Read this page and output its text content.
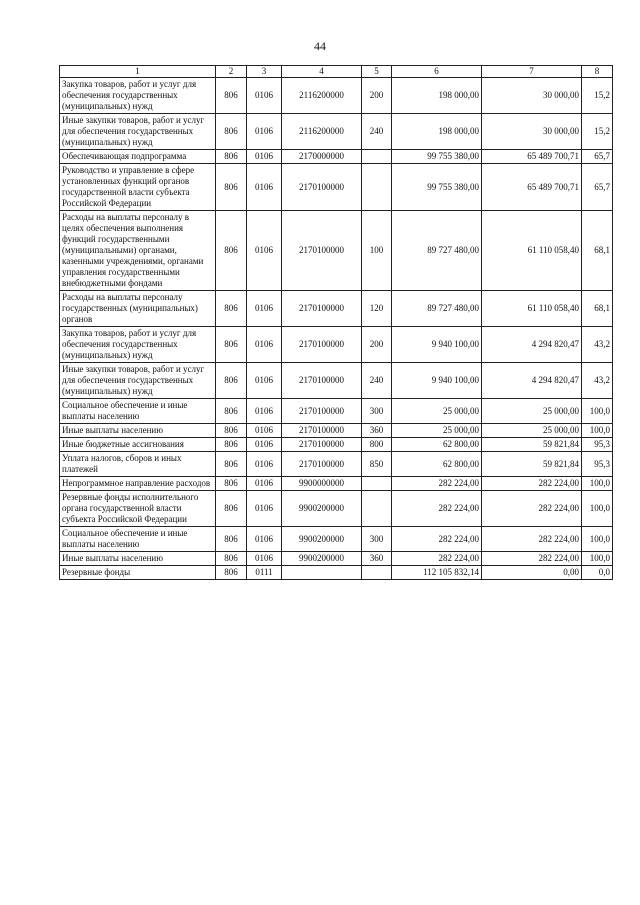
44
1	2	3	4	5	6	7	8
Закупка товаров, работ и услуг для обеспечения государственных (муниципальных) нужд	806	0106	2116200000	200	198 000,00	30 000,00	15,2
Иные закупки товаров, работ и услуг для обеспечения государственных (муниципальных) нужд	806	0106	2116200000	240	198 000,00	30 000,00	15,2
Обеспечивающая подпрограмма	806	0106	2170000000		99 755 380,00	65 489 700,71	65,7
Руководство и управление в сфере установленных функций органов государственной власти субъекта Российской Федерации	806	0106	2170100000		99 755 380,00	65 489 700,71	65,7
Расходы на выплаты персоналу в целях обеспечения выполнения функций государственными (муниципальными) органами, казенными учреждениями, органами управления государственными внебюджетными фондами	806	0106	2170100000	100	89 727 480,00	61 110 058,40	68,1
Расходы на выплаты персоналу государственных (муниципальных) органов	806	0106	2170100000	120	89 727 480,00	61 110 058,40	68,1
Закупка товаров, работ и услуг для обеспечения государственных (муниципальных) нужд	806	0106	2170100000	200	9 940 100,00	4 294 820,47	43,2
Иные закупки товаров, работ и услуг для обеспечения государственных (муниципальных) нужд	806	0106	2170100000	240	9 940 100,00	4 294 820,47	43,2
Социальное обеспечение и иные выплаты населению	806	0106	2170100000	300	25 000,00	25 000,00	100,0
Иные выплаты населению	806	0106	2170100000	360	25 000,00	25 000,00	100,0
Иные бюджетные ассигнования	806	0106	2170100000	800	62 800,00	59 821,84	95,3
Уплата налогов, сборов и иных платежей	806	0106	2170100000	850	62 800,00	59 821,84	95,3
Непрограммное направление расходов	806	0106	9900000000		282 224,00	282 224,00	100,0
Резервные фонды исполнительного органа государственной власти субъекта Российской Федерации	806	0106	9900200000		282 224,00	282 224,00	100,0
Социальное обеспечение и иные выплаты населению	806	0106	9900200000	300	282 224,00	282 224,00	100,0
Иные выплаты населению	806	0106	9900200000	360	282 224,00	282 224,00	100,0
Резервные фонды	806	0111			112 105 832,14	0,00	0,0
